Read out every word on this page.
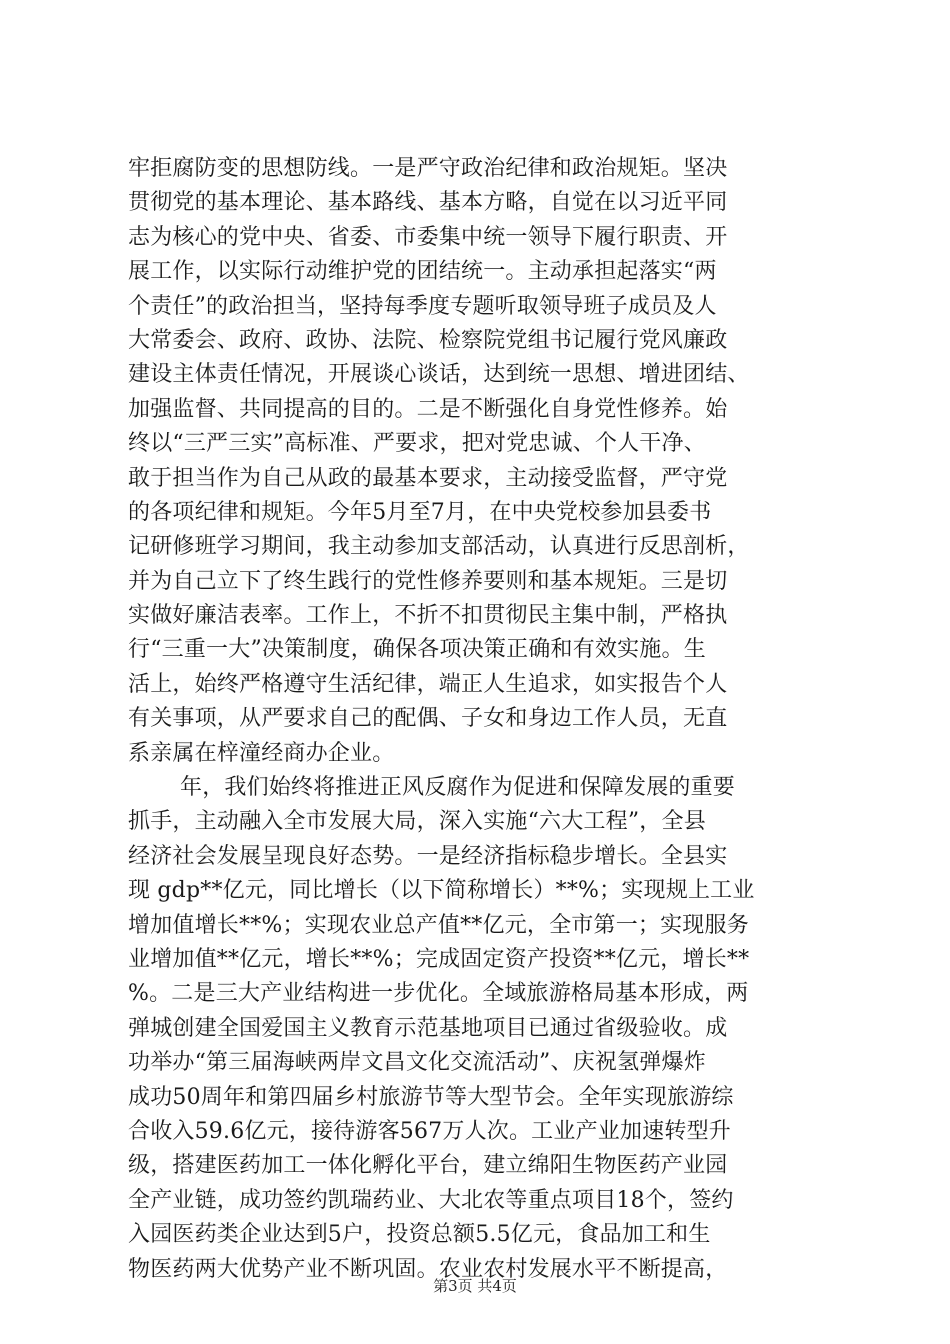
牢拒腐防变的思想防线。一是严守政治纪律和政治规矩。坚决
贯彻党的基本理论、基本路线、基本方略，自觉在以习近平同
志为核心的党中央、省委、市委集中统一领导下履行职责、开
展工作，以实际行动维护党的团结统一。主动承担起落实“两
个责任”的政治担当，坚持每季度专题听取领导班子成员及人
大常委会、政府、政协、法院、检察院党组书记履行党风廉政
建设主体责任情况，开展谈心谈话，达到统一思想、增进团结、
加强监督、共同提高的目的。二是不断强化自身党性修养。始
终以“三严三实”高标准、严要求，把对党忠诚、个人干净、
敢于担当作为自己从政的最基本要求，主动接受监督，严守党
的各项纪律和规矩。今年5月至7月，在中央党校参加县委书
记研修班学习期间，我主动参加支部活动，认真进行反思剖析，
并为自己立下了终生践行的党性修养要则和基本规矩。三是切
实做好廉洁表率。工作上，不折不扣贯彻民主集中制，严格执
行“三重一大”决策制度，确保各项决策正确和有效实施。生
活上，始终严格遵守生活纪律，端正人生追求，如实报告个人
有关事项，从严要求自己的配偶、子女和身边工作人员，无直
系亲属在梓潼经商办企业。
年，我们始终将推进正风反腐作为促进和保障发展的重要
抓手，主动融入全市发展大局，深入实施“六大工程”，全县
经济社会发展呈现良好态势。一是经济指标稳步增长。全县实
现 gdp**亿元，同比增长（以下简称增长）**%；实现规上工业
增加值增长**%；实现农业总产值**亿元，全市第一；实现服务
业增加值**亿元，增长**%；完成固定资产投资**亿元，增长**
%。二是三大产业结构进一步优化。全域旅游格局基本形成，两
弹城创建全国爱国主义教育示范基地项目已通过省级验收。成
功举办“第三届海峡两岸文昌文化交流活动”、庆祝氢弹爆炸
成功50周年和第四届乡村旅游节等大型节会。全年实现旅游综
合收入59.6亿元，接待游客567万人次。工业产业加速转型升
级，搭建医药加工一体化孵化平台，建立绵阳生物医药产业园
全产业链，成功签约凯瑞药业、大北农等重点项目18个，签约
入园医药类企业达到5户，投资总额5.5亿元，食品加工和生
物医药两大优势产业不断巩固。农业农村发展水平不断提高，
第3页 共4页
